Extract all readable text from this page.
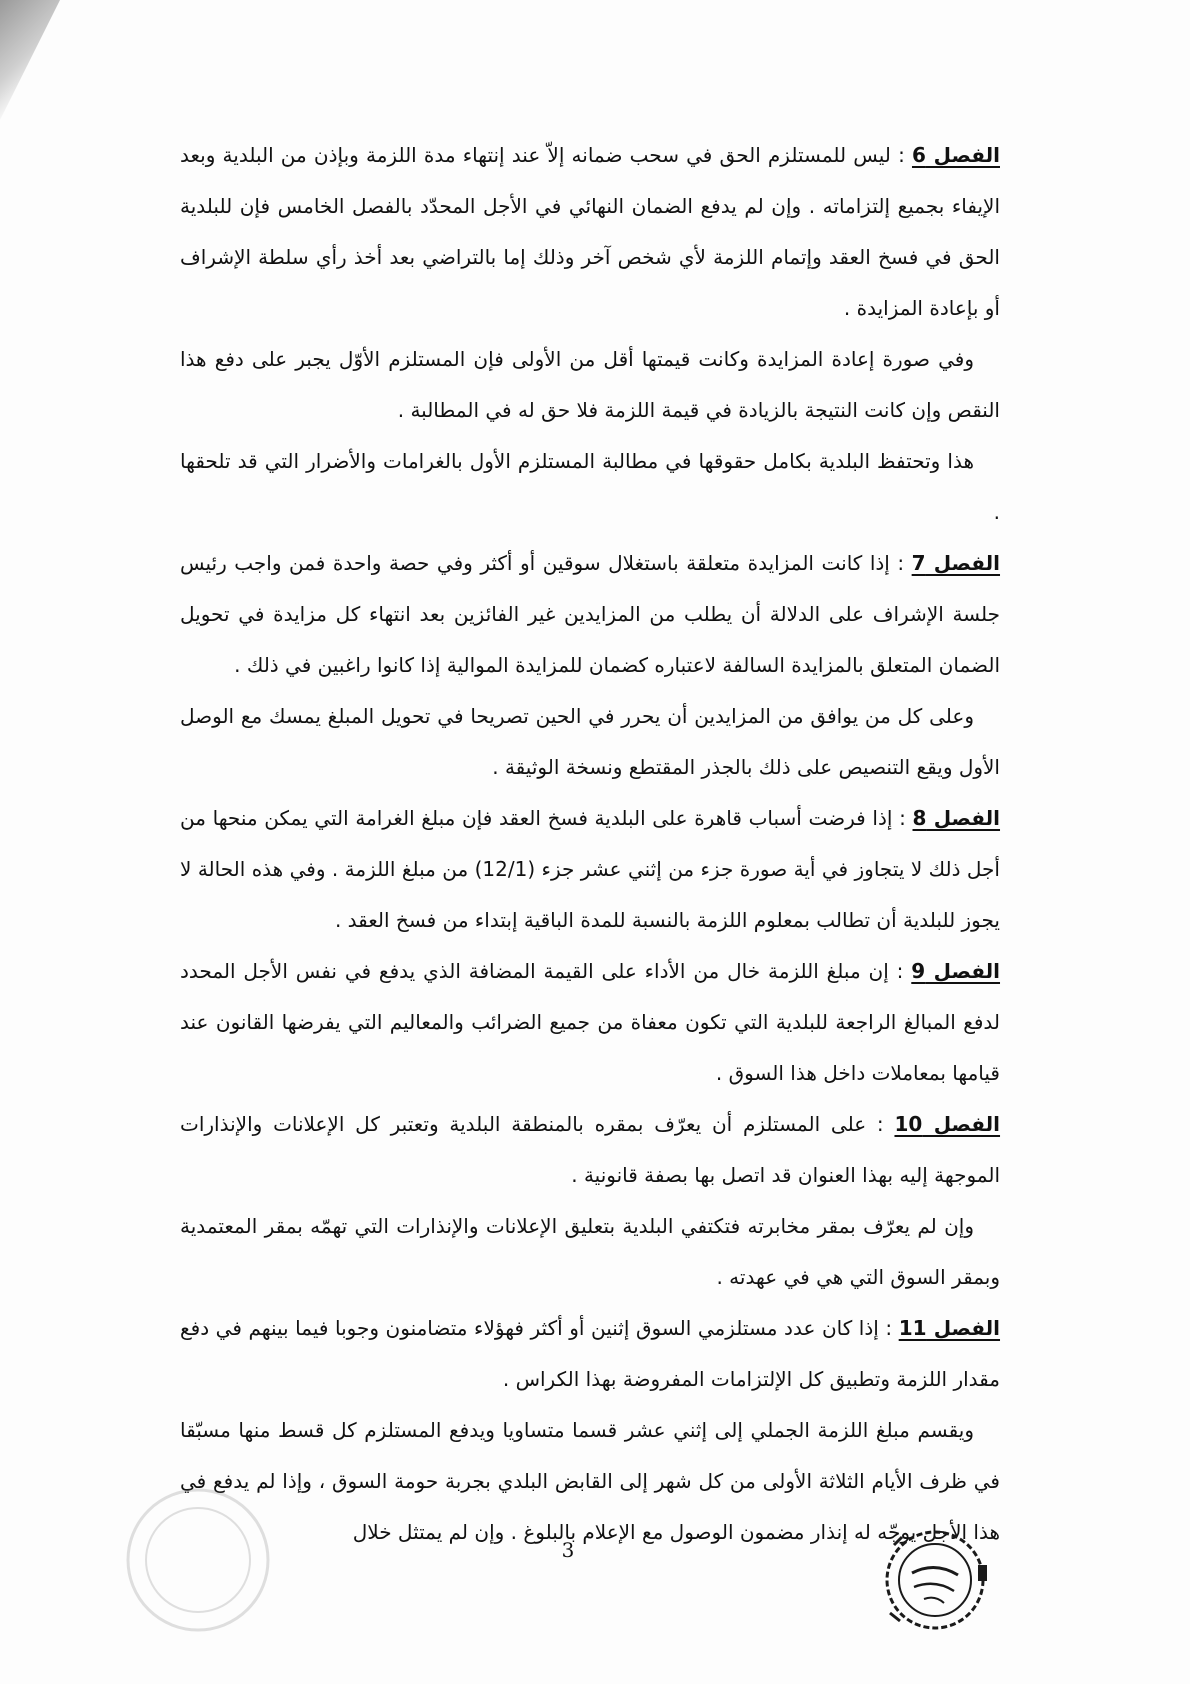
الفصل 6 : ليس للمستلزم الحق في سحب ضمانه إلاّ عند إنتهاء مدة اللزمة وبإذن من البلدية وبعد الإيفاء بجميع إلتزاماته . وإن لم يدفع الضمان النهائي في الأجل المحدّد بالفصل الخامس فإن للبلدية الحق في فسخ العقد وإتمام اللزمة لأي شخص آخر وذلك إما بالتراضي بعد أخذ رأي سلطة الإشراف أو بإعادة المزايدة .

وفي صورة إعادة المزايدة وكانت قيمتها أقل من الأولى فإن المستلزم الأوّل يجبر على دفع هذا النقص وإن كانت النتيجة بالزيادة في قيمة اللزمة فلا حق له في المطالبة .

هذا وتحتفظ البلدية بكامل حقوقها في مطالبة المستلزم الأول بالغرامات والأضرار التي قد تلحقها .

الفصل 7 : إذا كانت المزايدة متعلقة باستغلال سوقين أو أكثر وفي حصة واحدة فمن واجب رئيس جلسة الإشراف على الدلالة أن يطلب من المزايدين غير الفائزين بعد انتهاء كل مزايدة في تحويل الضمان المتعلق بالمزايدة السالفة لاعتباره كضمان للمزايدة الموالية إذا كانوا راغبين في ذلك .

وعلى كل من يوافق من المزايدين أن يحرر في الحين تصريحا في تحويل المبلغ يمسك مع الوصل الأول ويقع التنصيص على ذلك بالجذر المقتطع ونسخة الوثيقة .

الفصل 8 : إذا فرضت أسباب قاهرة على البلدية فسخ العقد فإن مبلغ الغرامة التي يمكن منحها من أجل ذلك لا يتجاوز في أية صورة جزء من إثني عشر جزء (12/1) من مبلغ اللزمة . وفي هذه الحالة لا يجوز للبلدية أن تطالب بمعلوم اللزمة بالنسبة للمدة الباقية إبتداء من فسخ العقد .

الفصل 9 : إن مبلغ اللزمة خال من الأداء على القيمة المضافة الذي يدفع في نفس الأجل المحدد لدفع المبالغ الراجعة للبلدية التي تكون معفاة من جميع الضرائب والمعاليم التي يفرضها القانون عند قيامها بمعاملات داخل هذا السوق .

الفصل 10 : على المستلزم أن يعرّف بمقره بالمنطقة البلدية وتعتبر كل الإعلانات والإنذارات الموجهة إليه بهذا العنوان قد اتصل بها بصفة قانونية .

وإن لم يعرّف بمقر مخابرته فتكتفي البلدية بتعليق الإعلانات والإنذارات التي تهمّه بمقر المعتمدية وبمقر السوق التي هي في عهدته .

الفصل 11 : إذا كان عدد مستلزمي السوق إثنين أو أكثر فهؤلاء متضامنون وجوبا فيما بينهم في دفع مقدار اللزمة وتطبيق كل الإلتزامات المفروضة بهذا الكراس .

ويقسم مبلغ اللزمة الجملي إلى إثني عشر قسما متساويا ويدفع المستلزم كل قسط منها مسبّقا في ظرف الأيام الثلاثة الأولى من كل شهر إلى القابض البلدي بجربة حومة السوق ، وإذا لم يدفع في هذا الأجل يوجّه له إنذار مضمون الوصول مع الإعلام بالبلوغ . وإن لم يمتثل خلال

3
